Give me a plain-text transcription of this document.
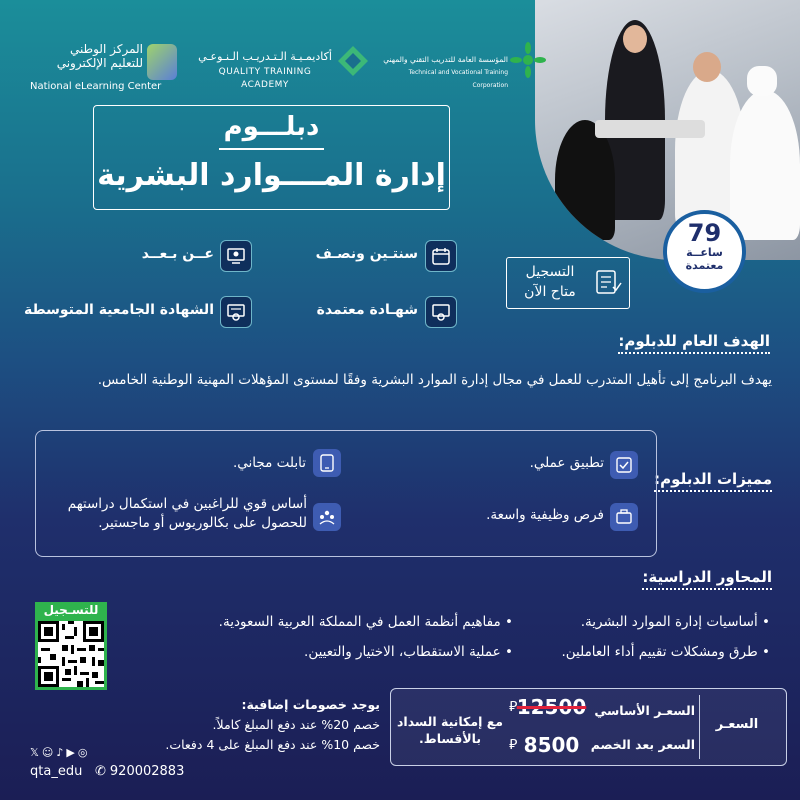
المركز الوطني
للتعليم الإلكتروني
National eLearning Center
أكاديمـيـة الـتـدريـب الـنـوعـي
QUALITY TRAINING ACADEMY
المؤسسة العامة للتدريب التقني والمهني
Technical and Vocational Training Corporation
دبلـــوم
إدارة المــــوارد البشرية
سنتـين ونصـف
عــن بـعــد
شهـادة معتمدة
الشهادة الجامعية المتوسطة
79
ساعــة
معتمدة
التسجيل
متاح الآن
الهدف العام للدبلوم:
يهدف البرنامج إلى تأهيل المتدرب للعمل في مجال إدارة الموارد البشرية وفقًا لمستوى المؤهلات المهنية الوطنية الخامس.
مميزات الدبلوم:
تطبيق عملي.
تابلت مجاني.
فرص وظيفية واسعة.
أساس قوي للراغبين في استكمال دراستهم للحصول على بكالوريوس أو ماجستير.
المحاور الدراسية:
• أساسيات إدارة الموارد البشرية.
• مفاهيم أنظمة العمل في المملكة العربية السعودية.
• طرق ومشكلات تقييم أداء العاملين.
• عملية الاستقطاب، الاختيار والتعيين.
للتسـجيل
السعـر
السعـر الأساسي
السعر بعد الخصم
12500
8500
⃁
⃁
مع إمكانية السداد بالأقساط.
يوجد خصومات إضافية:
خصم 20% عند دفع المبلغ كاملاً.
خصم 10% عند دفع المبلغ على 4 دفعات.
𝕏 ☺ ♪ ▶ ◎
qta_edu ✆ 920002883
